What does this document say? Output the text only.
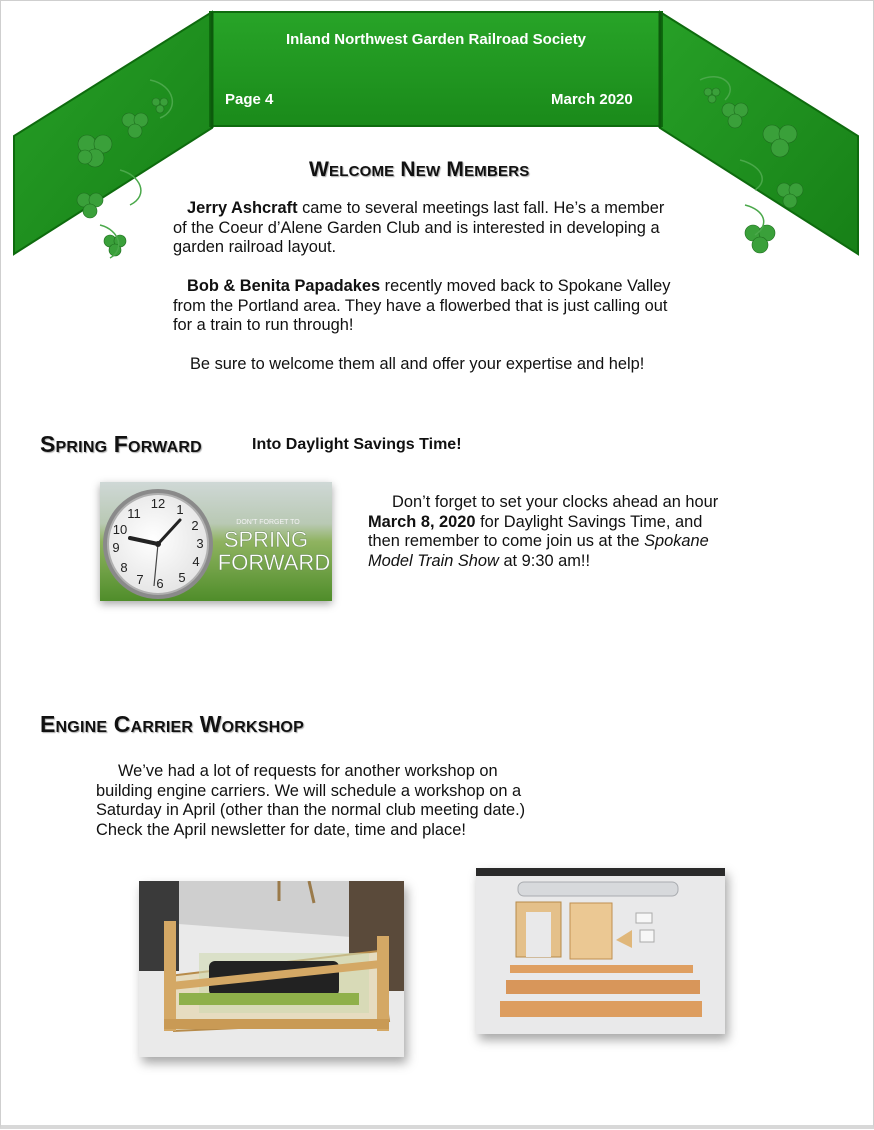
Inland Northwest Garden Railroad Society
Page 4	March 2020
Welcome New Members
Jerry Ashcraft came to several meetings last fall. He’s a member
of the Coeur d’Alene Garden Club and is interested in developing a
garden railroad layout.
Bob & Benita Papadakes recently moved back to Spokane Valley
from the Portland area. They have a flowerbed that is just calling out
for a train to run through!
Be sure to welcome them all and offer your expertise and help!
Spring Forward	Into Daylight Savings Time!
12 1
2
3
4
5
6
7
8
9
10
11
DON'T FORGET TO
SPRING
FORWARD
Don’t forget to set your clocks ahead an hour
March 8, 2020 for Daylight Savings Time, and
then remember to come join us at the Spokane
Model Train Show at 9:30 am!!
Engine Carrier Workshop
We’ve had a lot of requests for another workshop on
building engine carriers. We will schedule a workshop on a
Saturday in April (other than the normal club meeting date.)
Check the April newsletter for date, time and place!
